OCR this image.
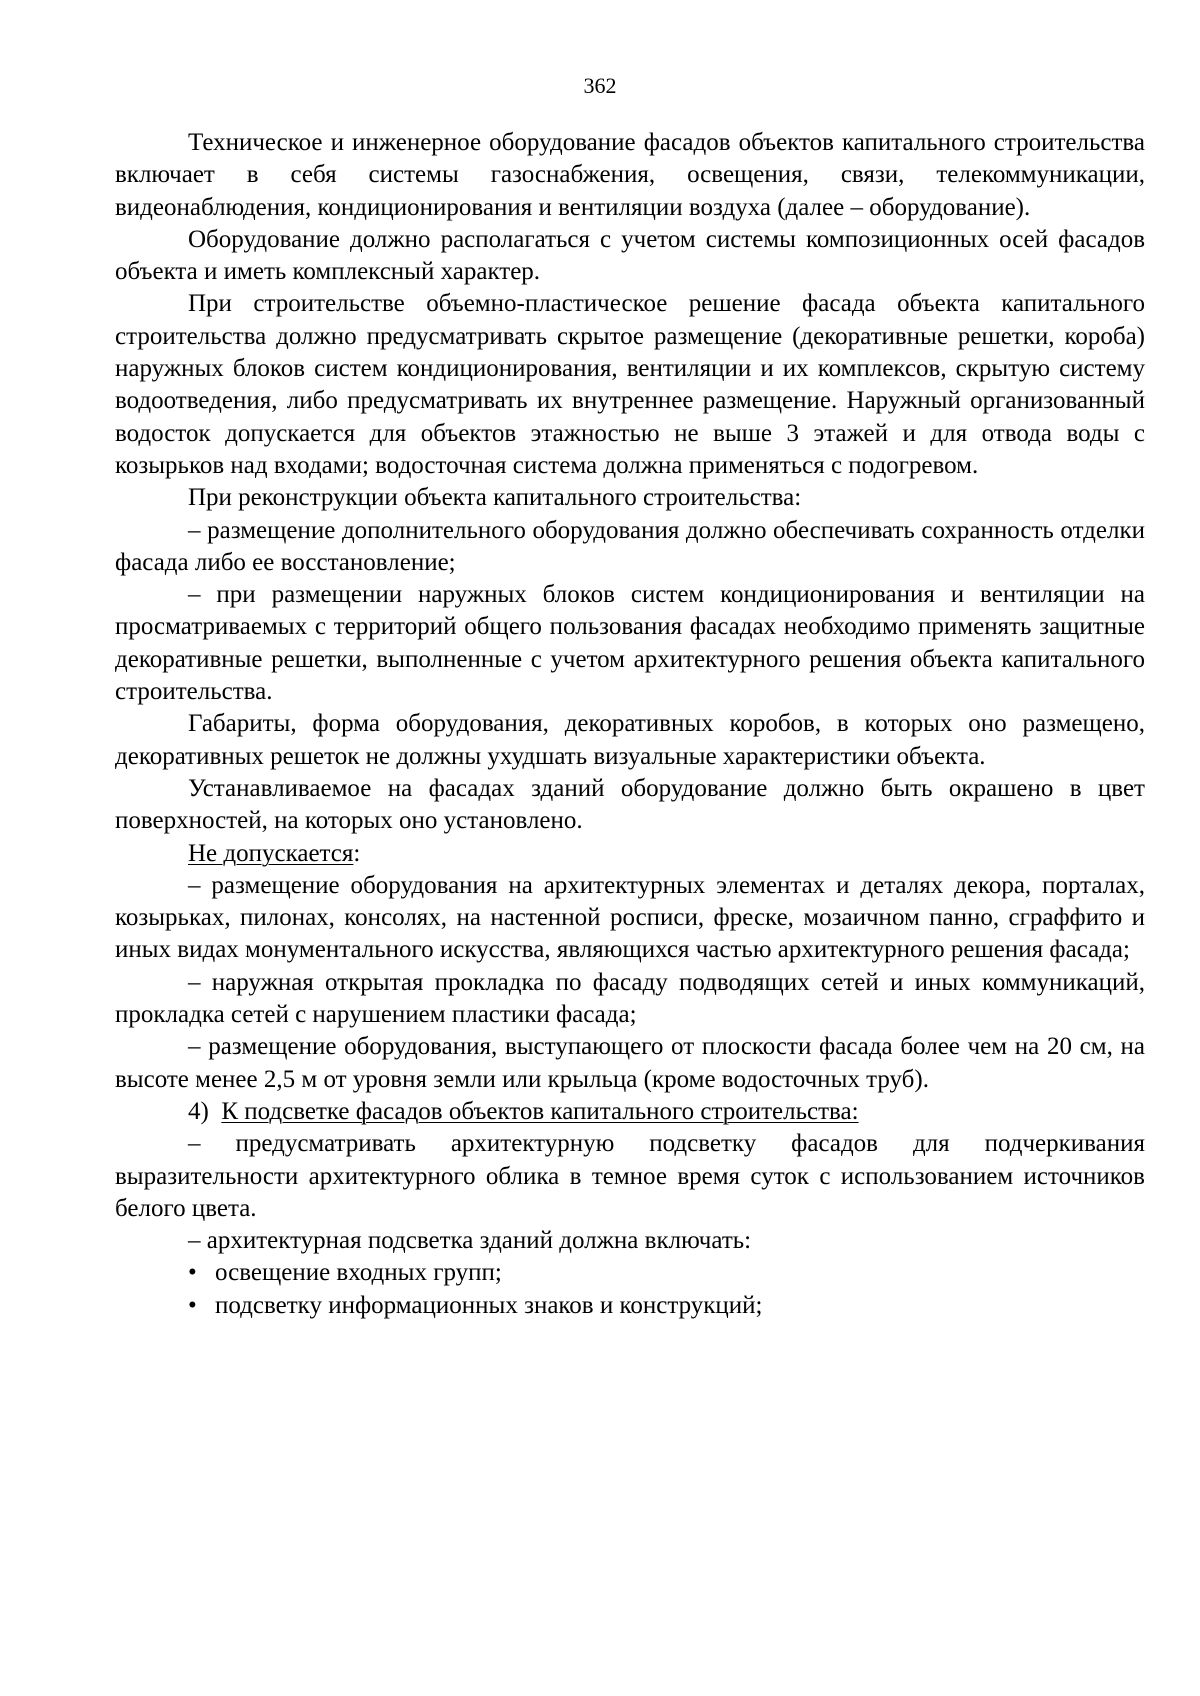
362

Техническое и инженерное оборудование фасадов объектов капитального строительства включает в себя системы газоснабжения, освещения, связи, телекоммуникации, видеонаблюдения, кондиционирования и вентиляции воздуха (далее – оборудование).

Оборудование должно располагаться с учетом системы композиционных осей фасадов объекта и иметь комплексный характер.

При строительстве объемно-пластическое решение фасада объекта капитального строительства должно предусматривать скрытое размещение (декоративные решетки, короба) наружных блоков систем кондиционирования, вентиляции и их комплексов, скрытую систему водоотведения, либо предусматривать их внутреннее размещение. Наружный организованный водосток допускается для объектов этажностью не выше 3 этажей и для отвода воды с козырьков над входами; водосточная система должна применяться с подогревом.

При реконструкции объекта капитального строительства:

– размещение дополнительного оборудования должно обеспечивать сохранность отделки фасада либо ее восстановление;

– при размещении наружных блоков систем кондиционирования и вентиляции на просматриваемых с территорий общего пользования фасадах необходимо применять защитные декоративные решетки, выполненные с учетом архитектурного решения объекта капитального строительства.

Габариты, форма оборудования, декоративных коробов, в которых оно размещено, декоративных решеток не должны ухудшать визуальные характеристики объекта.

Устанавливаемое на фасадах зданий оборудование должно быть окрашено в цвет поверхностей, на которых оно установлено.

Не допускается:

– размещение оборудования на архитектурных элементах и деталях декора, порталах, козырьках, пилонах, консолях, на настенной росписи, фреске, мозаичном панно, сграффито и иных видах монументального искусства, являющихся частью архитектурного решения фасада;

– наружная открытая прокладка по фасаду подводящих сетей и иных коммуникаций, прокладка сетей с нарушением пластики фасада;

– размещение оборудования, выступающего от плоскости фасада более чем на 20 см, на высоте менее 2,5 м от уровня земли или крыльца (кроме водосточных труб).

4) К подсветке фасадов объектов капитального строительства:

– предусматривать архитектурную подсветку фасадов для подчеркивания выразительности архитектурного облика в темное время суток с использованием источников белого цвета.

– архитектурная подсветка зданий должна включать:

• освещение входных групп;
• подсветку информационных знаков и конструкций;
